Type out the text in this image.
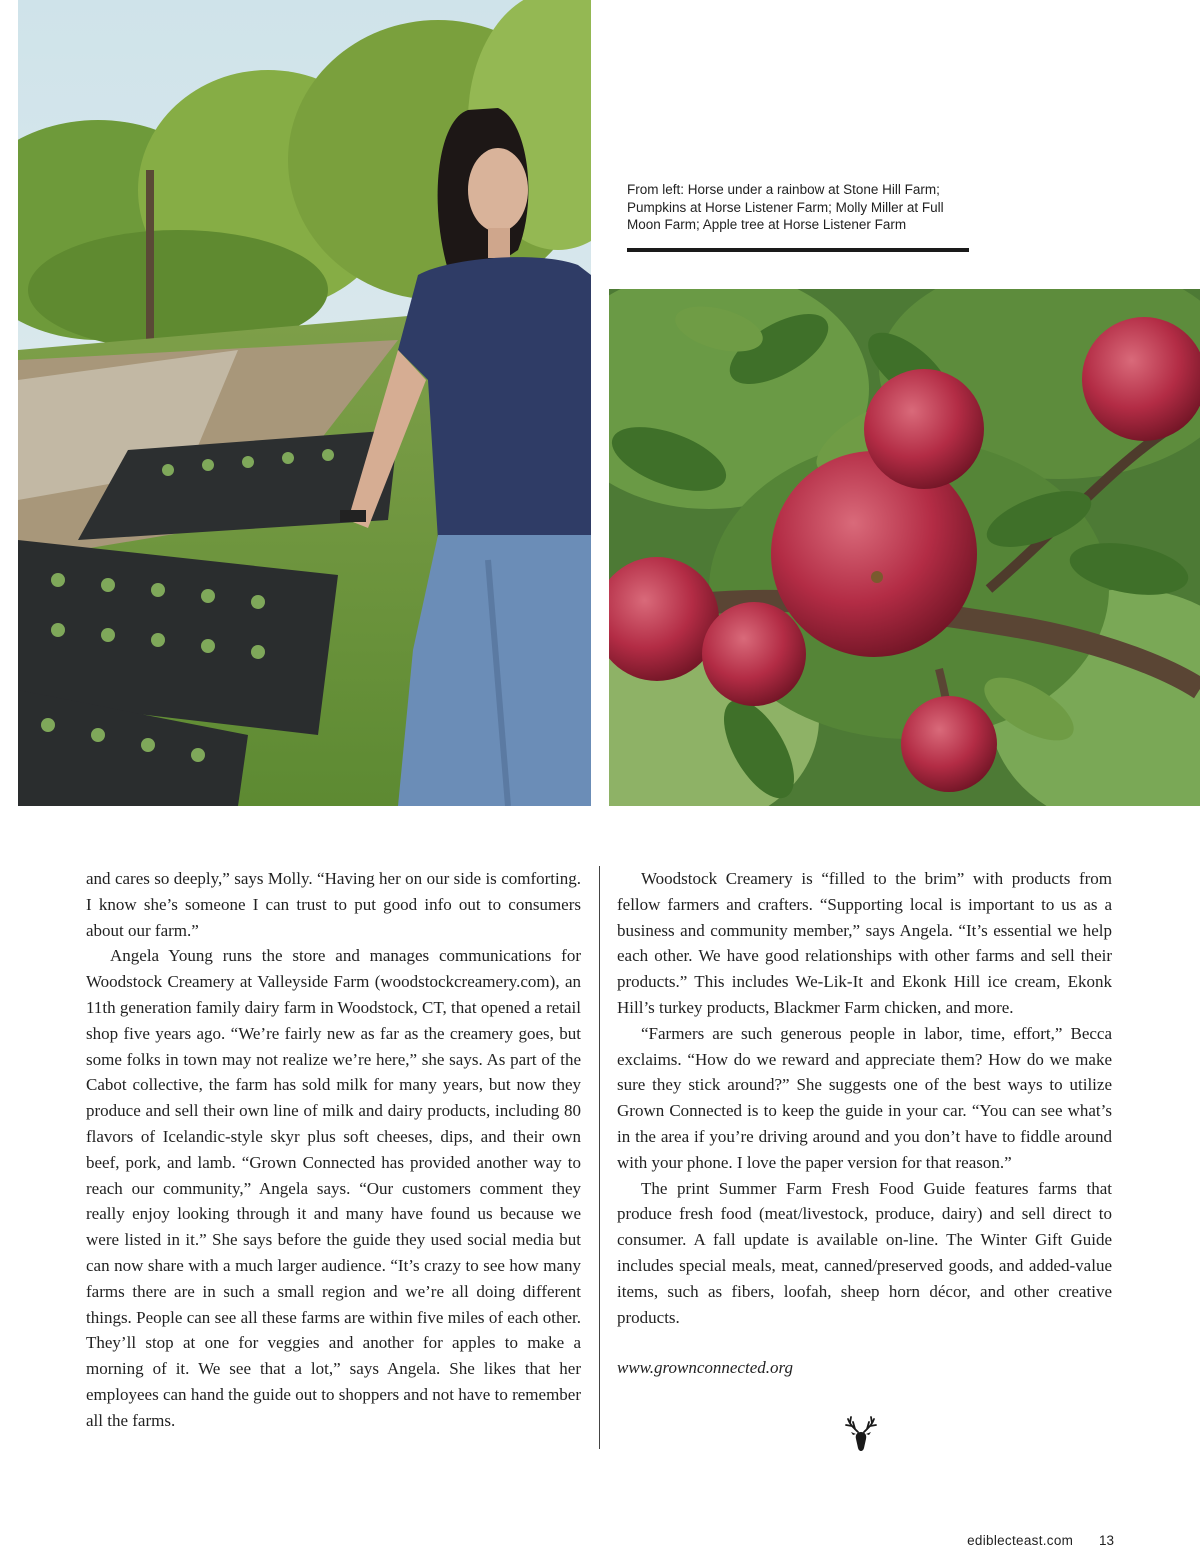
From left: Horse under a rainbow at Stone Hill Farm; Pumpkins at Horse Listener Farm; Molly Miller at Full Moon Farm; Apple tree at Horse Listener Farm

and cares so deeply,” says Molly. “Having her on our side is comforting. I know she’s someone I can trust to put good info out to consumers about our farm.”

Angela Young runs the store and manages communications for Woodstock Creamery at Valleyside Farm (woodstockcreamery.com), an 11th generation family dairy farm in Woodstock, CT, that opened a retail shop five years ago. “We’re fairly new as far as the creamery goes, but some folks in town may not realize we’re here,” she says. As part of the Cabot collective, the farm has sold milk for many years, but now they produce and sell their own line of milk and dairy products, including 80 flavors of Icelandic-style skyr plus soft cheeses, dips, and their own beef, pork, and lamb. “Grown Connected has provided another way to reach our community,” Angela says. “Our customers comment they really enjoy looking through it and many have found us because we were listed in it.” She says before the guide they used social media but can now share with a much larger audience. “It’s crazy to see how many farms there are in such a small region and we’re all doing different things. People can see all these farms are within five miles of each other. They’ll stop at one for veggies and another for apples to make a morning of it. We see that a lot,” says Angela. She likes that her employees can hand the guide out to shoppers and not have to remember all the farms.

Woodstock Creamery is “filled to the brim” with products from fellow farmers and crafters. “Supporting local is important to us as a business and community member,” says Angela. “It’s essential we help each other. We have good relationships with other farms and sell their products.” This includes We-Lik-It and Ekonk Hill ice cream, Ekonk Hill’s turkey products, Blackmer Farm chicken, and more.

“Farmers are such generous people in labor, time, effort,” Becca exclaims. “How do we reward and appreciate them? How do we make sure they stick around?” She suggests one of the best ways to utilize Grown Connected is to keep the guide in your car. “You can see what’s in the area if you’re driving around and you don’t have to fiddle around with your phone. I love the paper version for that reason.”

The print Summer Farm Fresh Food Guide features farms that produce fresh food (meat/livestock, produce, dairy) and sell direct to consumer. A fall update is available on-line. The Winter Gift Guide includes special meals, meat, canned/preserved goods, and added-value items, such as fibers, loofah, sheep horn décor, and other creative products.

www.grownconnected.org
ediblecteast.com 13
